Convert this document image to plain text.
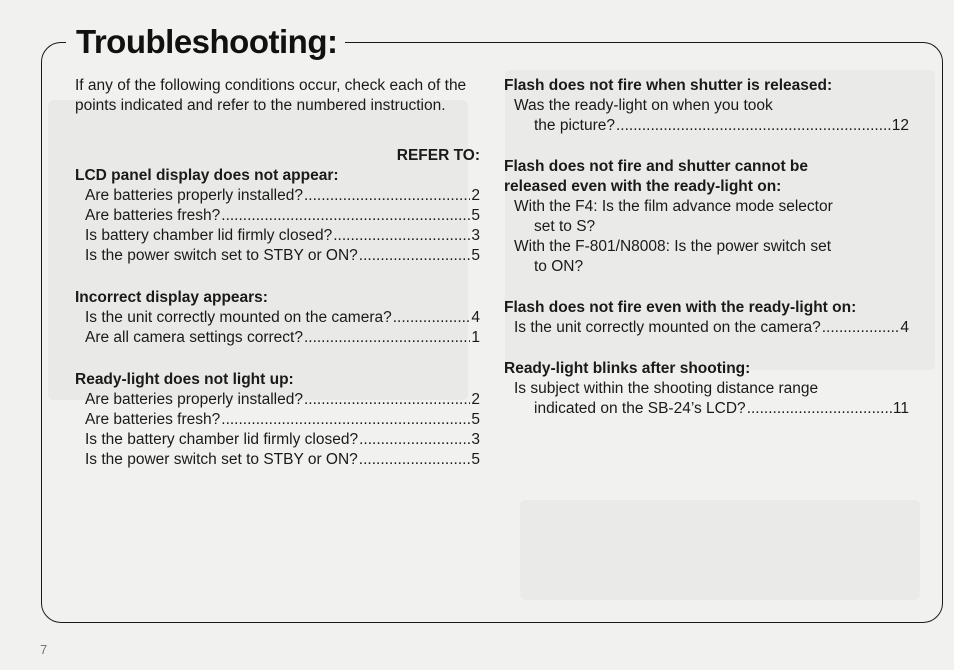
Troubleshooting:

If any of the following conditions occur, check each of the points indicated and refer to the numbered instruction.

REFER TO:

LCD panel display does not appear:

Are batteries properly installed? .....	2

Are batteries fresh? .....	5

Is battery chamber lid firmly closed? .....	3

Is the power switch set to STBY or ON? .....	5

Incorrect display appears:

Is the unit correctly mounted on the camera? .....	4

Are all camera settings correct? .....	1

Ready-light does not light up:

Are batteries properly installed? .....	2

Are batteries fresh? .....	5

Is the battery chamber lid firmly closed? .....	3

Is the power switch set to STBY or ON? .....	5

Flash does not fire when shutter is released:

Was the ready-light on when you took

the picture? .....	12

Flash does not fire and shutter cannot be

released even with the ready-light on:

With the F4: Is the film advance mode selector

set to S?

With the F-801/N8008: Is the power switch set

to ON?

Flash does not fire even with the ready-light on:

Is the unit correctly mounted on the camera? .....	4

Ready-light blinks after shooting:

Is subject within the shooting distance range

indicated on the SB-24’s LCD? .....	11

7
